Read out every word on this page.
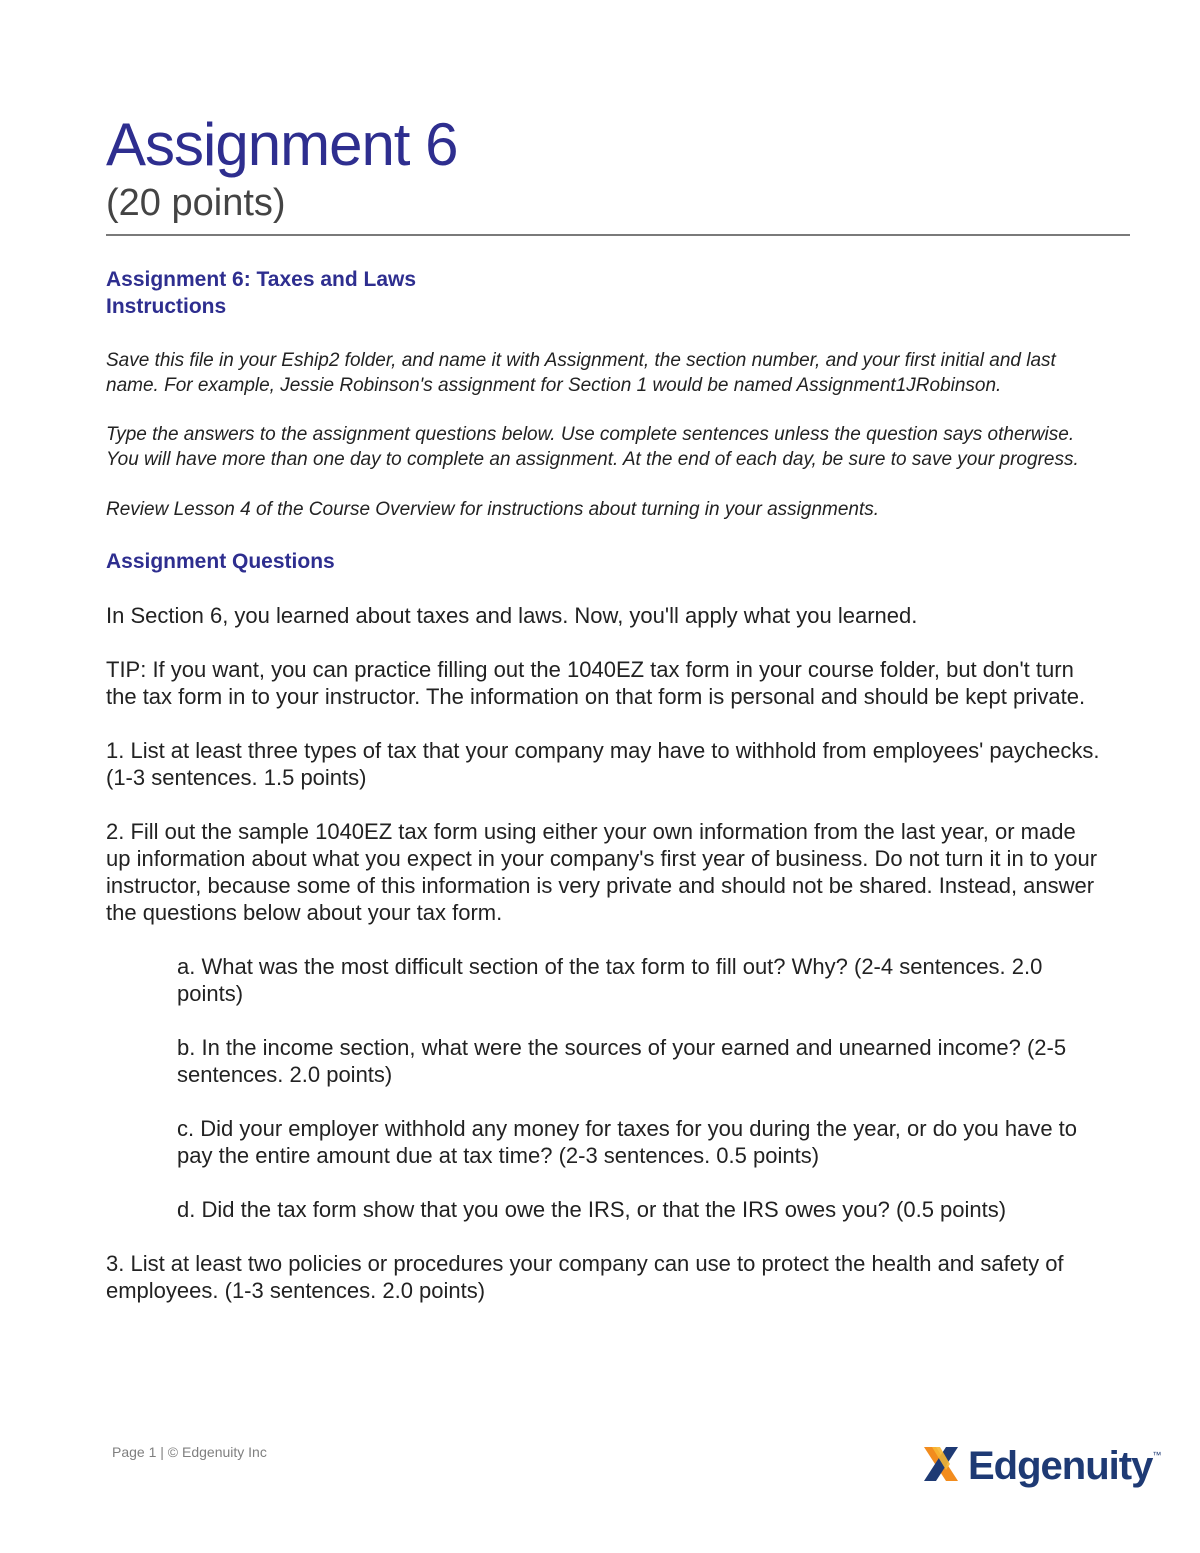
Assignment 6

(20 points)

Assignment 6: Taxes and Laws

Instructions

Save this file in your Eship2 folder, and name it with Assignment, the section number, and your first initial and last name. For example, Jessie Robinson's assignment for Section 1 would be named Assignment1JRobinson.

Type the answers to the assignment questions below. Use complete sentences unless the question says otherwise. You will have more than one day to complete an assignment. At the end of each day, be sure to save your progress.

Review Lesson 4 of the Course Overview for instructions about turning in your assignments.

Assignment Questions

In Section 6, you learned about taxes and laws. Now, you'll apply what you learned.

TIP: If you want, you can practice filling out the 1040EZ tax form in your course folder, but don't turn the tax form in to your instructor. The information on that form is personal and should be kept private.

1. List at least three types of tax that your company may have to withhold from employees' paychecks. (1-3 sentences. 1.5 points)

2. Fill out the sample 1040EZ tax form using either your own information from the last year, or made up information about what you expect in your company's first year of business. Do not turn it in to your instructor, because some of this information is very private and should not be shared. Instead, answer the questions below about your tax form.

a. What was the most difficult section of the tax form to fill out? Why? (2-4 sentences. 2.0 points)

b. In the income section, what were the sources of your earned and unearned income? (2-5 sentences. 2.0 points)

c. Did your employer withhold any money for taxes for you during the year, or do you have to pay the entire amount due at tax time? (2-3 sentences. 0.5 points)

d. Did the tax form show that you owe the IRS, or that the IRS owes you? (0.5 points)

3. List at least two policies or procedures your company can use to protect the health and safety of employees. (1-3 sentences. 2.0 points)

Page 1 | © Edgenuity Inc	Edgenuity ™
